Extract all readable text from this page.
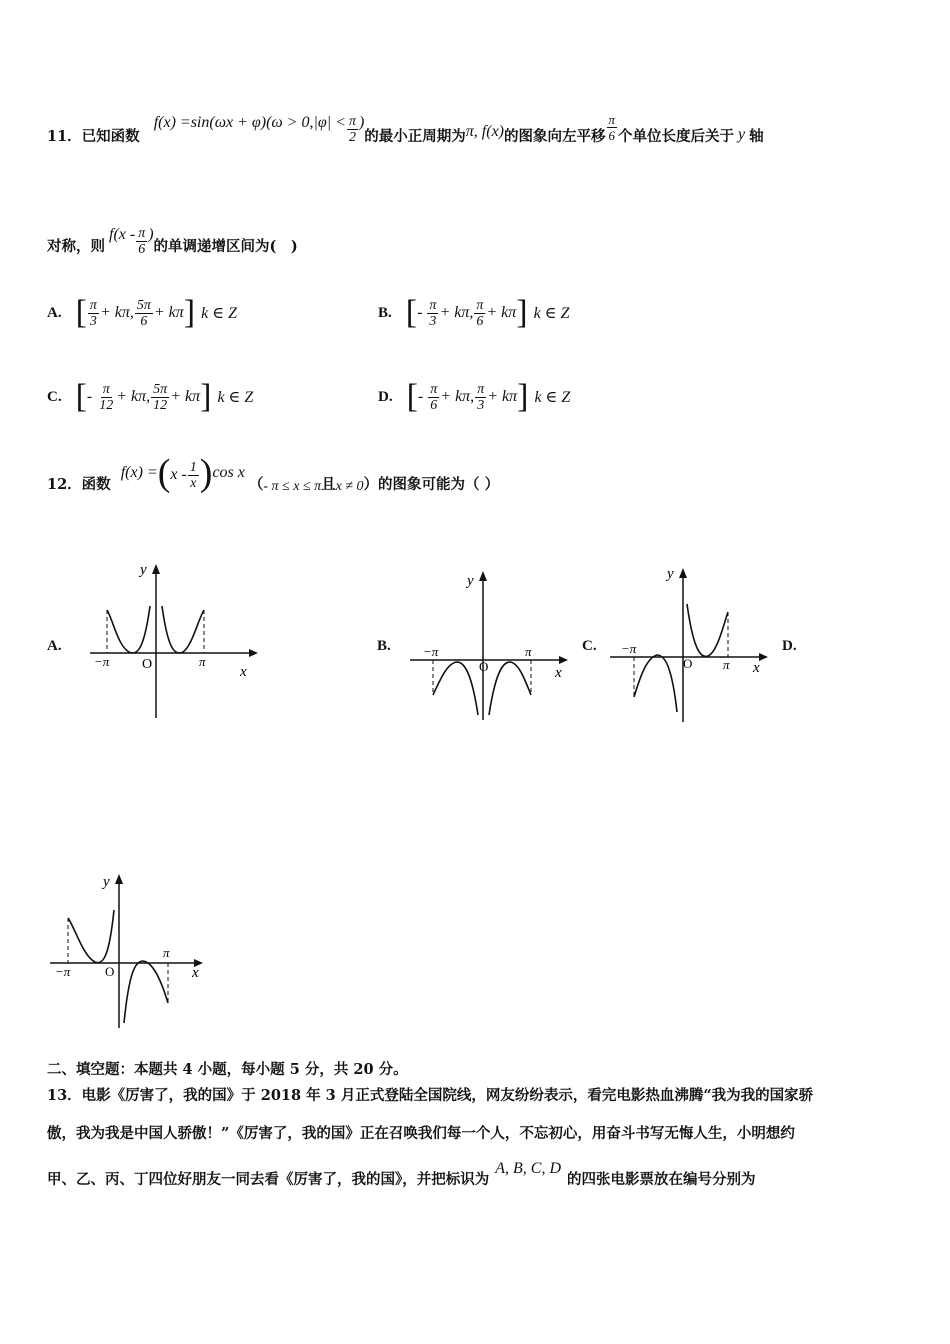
11．已知函数
$f(x) =\sin(\omega x + \varphi)(\omega > 0,|\varphi| < \frac{\pi}{2}$ )
的最小正周期为 π, f(x) 的图象向左平移 $\frac{\pi}{6}$ 个单位长度后关于 y 轴
对称，则
$f(x - \frac{\pi}{6}$ )
的单调递增区间为(　)
A. [ $\frac{\pi}{3} + k\pi$, $\frac{5\pi}{6} + k\pi$ ] k ∈ Z	B. [ - $\frac{\pi}{3} + k\pi$, $\frac{\pi}{6} + k\pi$ ] k ∈ Z
C. [ - $\frac{\pi}{12} + k\pi$, $\frac{5\pi}{12} + k\pi$ ] k ∈ Z	D. [ - $\frac{\pi}{6} + k\pi$, $\frac{\pi}{3} + k\pi$ ] k ∈ Z
12．函数
f(x) = ( x - $\frac{1}{x}$ ) cos x
（ - π ≤ x ≤ π 且 x ≠ 0 ）的图象可能为（ ）
A.	B.	C.	D.
y
x
O
−π	π
y
x
O
−π	π
y
x
O
−π
π
y
x
O
−π
π
二、填空题：本题共 4 小题，每小题 5 分，共 20 分。
13．电影《厉害了，我的国》于 2018 年 3 月正式登陆全国院线，网友纷纷表示，看完电影热血沸腾“我为我的国家骄
傲，我为我是中国人骄傲！”《厉害了，我的国》正在召唤我们每一个人，不忘初心，用奋斗书写无悔人生，小明想约
甲、乙、丙、丁四位好朋友一同去看《厉害了，我的国》，并把标识为
A, B, C, D
的四张电影票放在编号分别为
